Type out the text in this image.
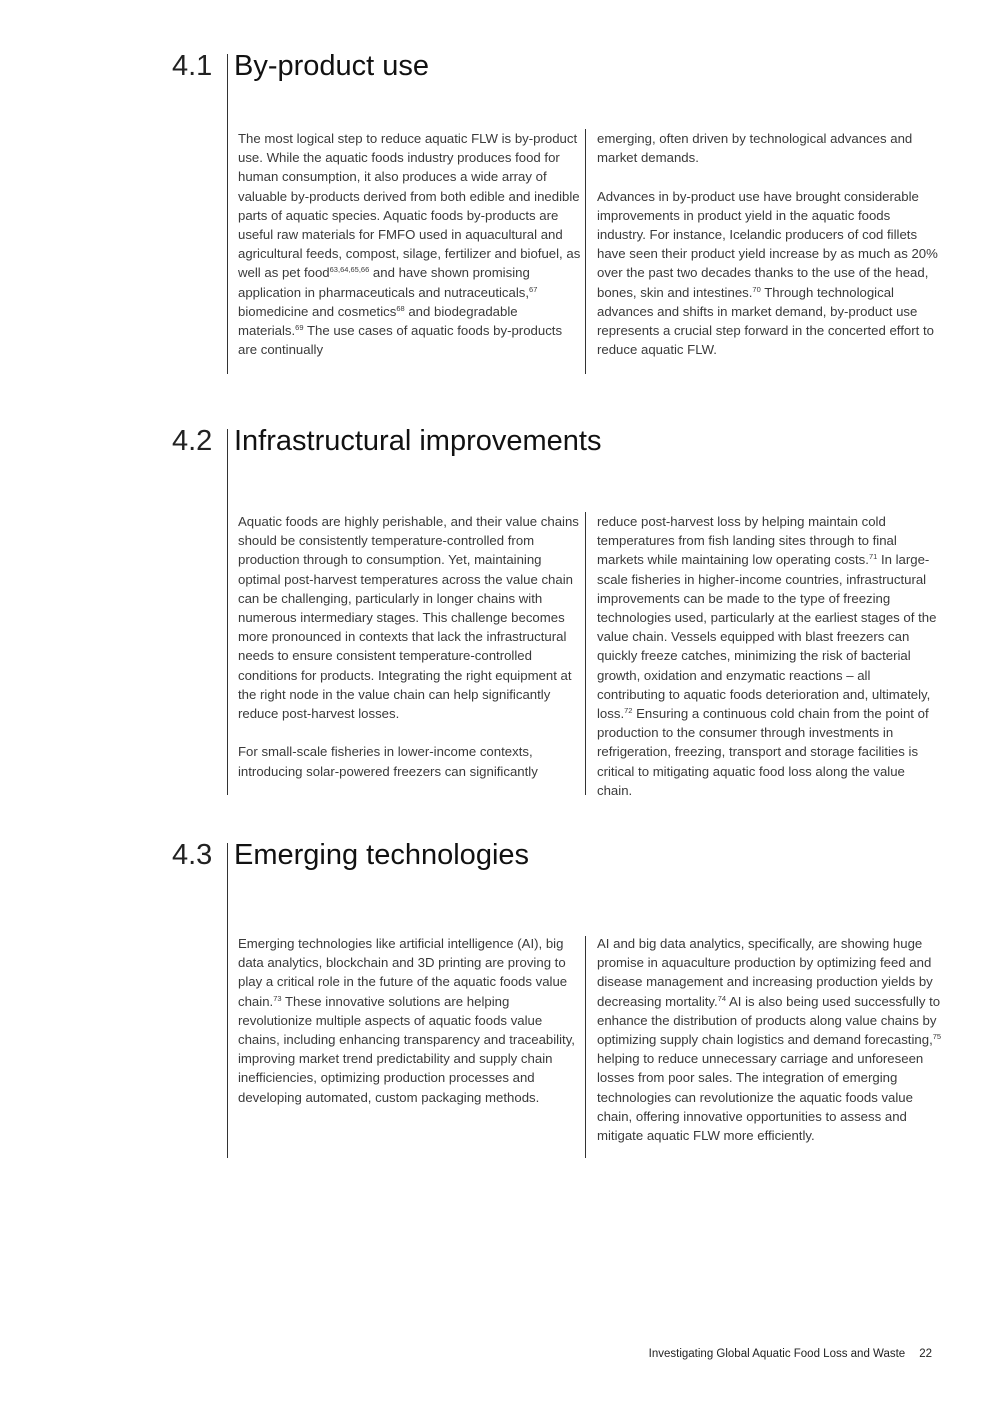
4.1 By-product use

The most logical step to reduce aquatic FLW is by-product use. While the aquatic foods industry produces food for human consumption, it also produces a wide array of valuable by-products derived from both edible and inedible parts of aquatic species. Aquatic foods by-products are useful raw materials for FMFO used in aquacultural and agricultural feeds, compost, silage, fertilizer and biofuel, as well as pet food$^{63,64,65,66}$ and have shown promising application in pharmaceuticals and nutraceuticals,$^{67}$ biomedicine and cosmetics$^{68}$ and biodegradable materials.$^{69}$ The use cases of aquatic foods by-products are continually

emerging, often driven by technological advances and market demands.

Advances in by-product use have brought considerable improvements in product yield in the aquatic foods industry. For instance, Icelandic producers of cod fillets have seen their product yield increase by as much as 20% over the past two decades thanks to the use of the head, bones, skin and intestines.$^{70}$ Through technological advances and shifts in market demand, by-product use represents a crucial step forward in the concerted effort to reduce aquatic FLW.

4.2 Infrastructural improvements

Aquatic foods are highly perishable, and their value chains should be consistently temperature-controlled from production through to consumption. Yet, maintaining optimal post-harvest temperatures across the value chain can be challenging, particularly in longer chains with numerous intermediary stages. This challenge becomes more pronounced in contexts that lack the infrastructural needs to ensure consistent temperature-controlled conditions for products. Integrating the right equipment at the right node in the value chain can help significantly reduce post-harvest losses.

For small-scale fisheries in lower-income contexts, introducing solar-powered freezers can significantly

reduce post-harvest loss by helping maintain cold temperatures from fish landing sites through to final markets while maintaining low operating costs.$^{71}$ In large-scale fisheries in higher-income countries, infrastructural improvements can be made to the type of freezing technologies used, particularly at the earliest stages of the value chain. Vessels equipped with blast freezers can quickly freeze catches, minimizing the risk of bacterial growth, oxidation and enzymatic reactions – all contributing to aquatic foods deterioration and, ultimately, loss.$^{72}$ Ensuring a continuous cold chain from the point of production to the consumer through investments in refrigeration, freezing, transport and storage facilities is critical to mitigating aquatic food loss along the value chain.

4.3 Emerging technologies

Emerging technologies like artificial intelligence (AI), big data analytics, blockchain and 3D printing are proving to play a critical role in the future of the aquatic foods value chain.$^{73}$ These innovative solutions are helping revolutionize multiple aspects of aquatic foods value chains, including enhancing transparency and traceability, improving market trend predictability and supply chain inefficiencies, optimizing production processes and developing automated, custom packaging methods.

AI and big data analytics, specifically, are showing huge promise in aquaculture production by optimizing feed and disease management and increasing production yields by decreasing mortality.$^{74}$ AI is also being used successfully to enhance the distribution of products along value chains by optimizing supply chain logistics and demand forecasting,$^{75}$ helping to reduce unnecessary carriage and unforeseen losses from poor sales. The integration of emerging technologies can revolutionize the aquatic foods value chain, offering innovative opportunities to assess and mitigate aquatic FLW more efficiently.

Investigating Global Aquatic Food Loss and Waste 22
